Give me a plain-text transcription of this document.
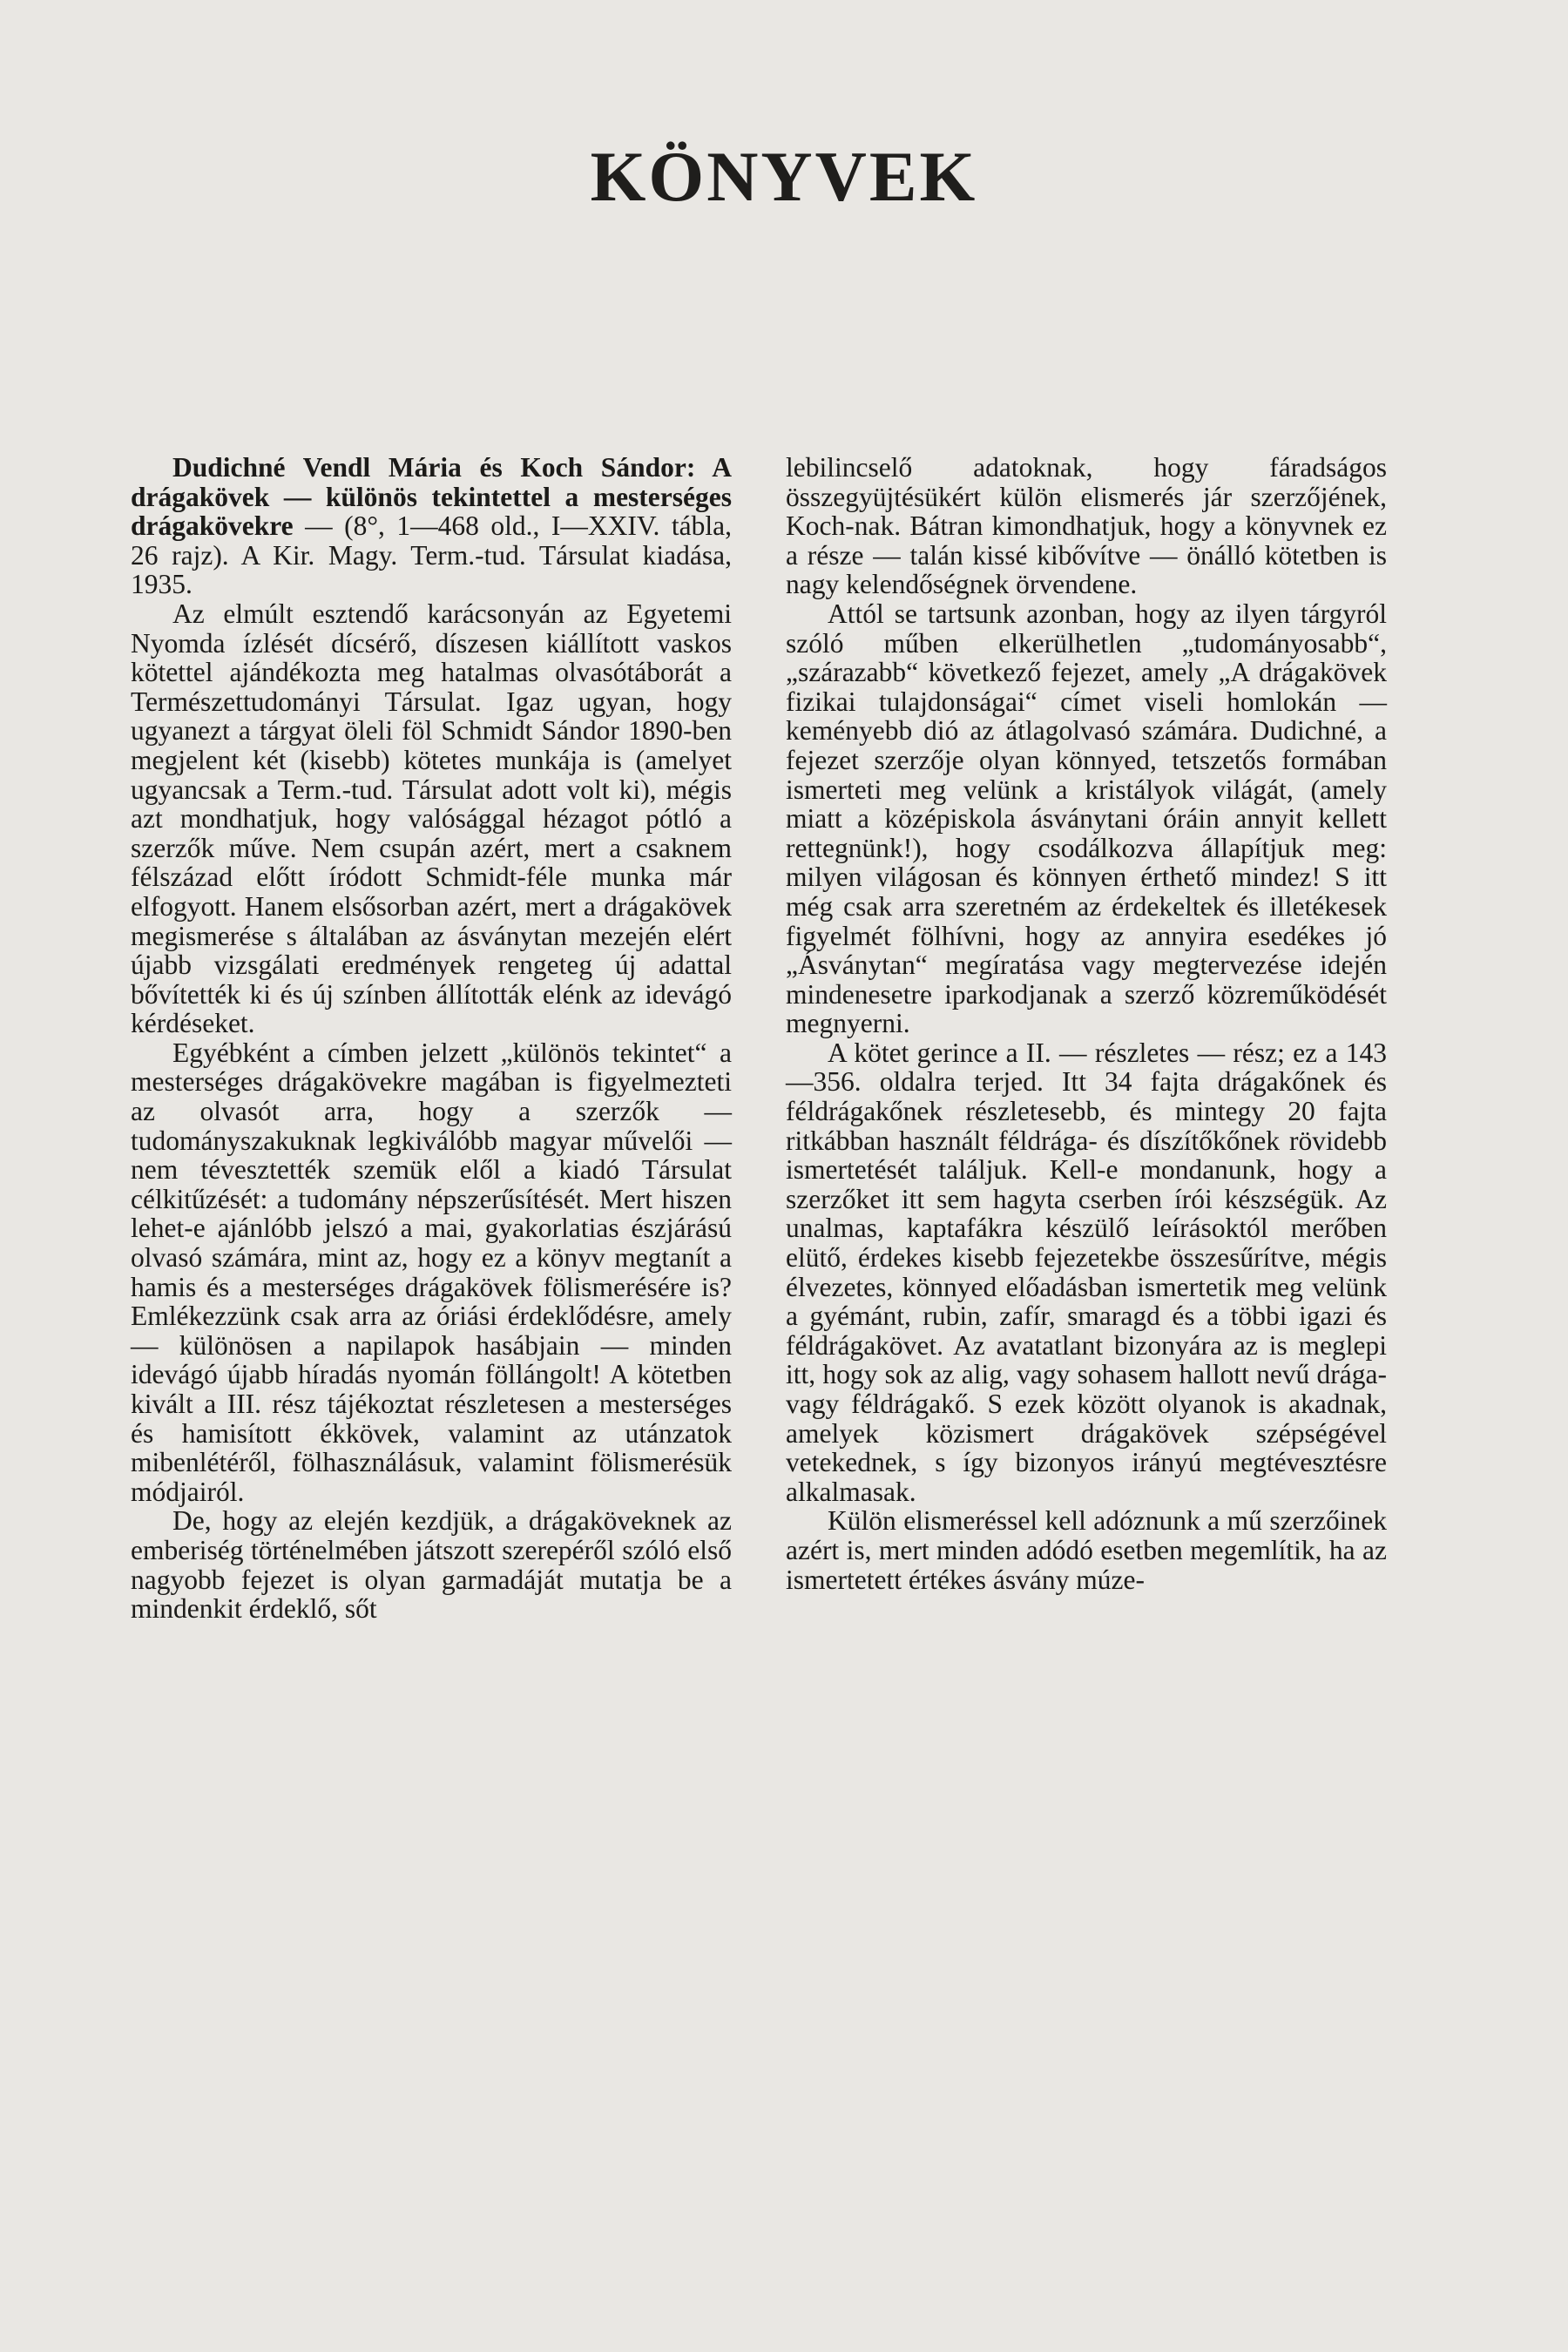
KÖNYVEK

Dudichné Vendl Mária és Koch Sándor: A drágakövek — különös tekintettel a mesterséges drágakövekre — (8°, 1—468 old., I—XXIV. tábla, 26 rajz). A Kir. Magy. Term.-tud. Társulat kiadása, 1935.

Az elmúlt esztendő karácsonyán az Egyetemi Nyomda ízlését dícsérő, díszesen kiállított vaskos kötettel ajándékozta meg hatalmas olvasótáborát a Természettudományi Társulat. Igaz ugyan, hogy ugyanezt a tárgyat öleli föl Schmidt Sándor 1890-ben megjelent két (kisebb) kötetes munkája is (amelyet ugyancsak a Term.-tud. Társulat adott volt ki), mégis azt mondhatjuk, hogy valósággal hézagot pótló a szerzők műve. Nem csupán azért, mert a csaknem félszázad előtt íródott Schmidt-féle munka már elfogyott. Hanem elsősorban azért, mert a drágakövek megismerése s általában az ásványtan mezején elért újabb vizsgálati eredmények rengeteg új adattal bővítették ki és új színben állították elénk az idevágó kérdéseket.

Egyébként a címben jelzett „különös tekintet“ a mesterséges drágakövekre magában is figyelmezteti az olvasót arra, hogy a szerzők — tudományszakuknak legkiválóbb magyar művelői — nem tévesztették szemük elől a kiadó Társulat célkitűzését: a tudomány népszerűsítését. Mert hiszen lehet-e ajánlóbb jelszó a mai, gyakorlatias észjárású olvasó számára, mint az, hogy ez a könyv megtanít a hamis és a mesterséges drágakövek fölismerésére is? Emlékezzünk csak arra az óriási érdeklődésre, amely — különösen a napilapok hasábjain — minden idevágó újabb híradás nyomán föllángolt! A kötetben kivált a III. rész tájékoztat részletesen a mesterséges és hamisított ékkövek, valamint az utánzatok mibenlétéről, fölhasználásuk, valamint fölismerésük módjairól.

De, hogy az elején kezdjük, a drágaköveknek az emberiség történelmében játszott szerepéről szóló első nagyobb fejezet is olyan garmadáját mutatja be a mindenkit érdeklő, sőt

lebilincselő adatoknak, hogy fáradságos összegyüjtésükért külön elismerés jár szerzőjének, Koch-nak. Bátran kimondhatjuk, hogy a könyvnek ez a része — talán kissé kibővítve — önálló kötetben is nagy kelendőségnek örvendene.

Attól se tartsunk azonban, hogy az ilyen tárgyról szóló műben elkerülhetlen „tudományosabb“, „szárazabb“ következő fejezet, amely „A drágakövek fizikai tulajdonságai“ címet viseli homlokán — keményebb dió az átlagolvasó számára. Dudichné, a fejezet szerzője olyan könnyed, tetszetős formában ismerteti meg velünk a kristályok világát, (amely miatt a középiskola ásványtani óráin annyit kellett rettegnünk!), hogy csodálkozva állapítjuk meg: milyen világosan és könnyen érthető mindez! S itt még csak arra szeretném az érdekeltek és illetékesek figyelmét fölhívni, hogy az annyira esedékes jó „Ásványtan“ megíratása vagy megtervezése idején mindenesetre iparkodjanak a szerző közreműködését megnyerni.

A kötet gerince a II. — részletes — rész; ez a 143—356. oldalra terjed. Itt 34 fajta drágakőnek és féldrágakőnek részletesebb, és mintegy 20 fajta ritkábban használt féldrága- és díszítőkőnek rövidebb ismertetését találjuk. Kell-e mondanunk, hogy a szerzőket itt sem hagyta cserben írói készségük. Az unalmas, kaptafákra készülő leírásoktól merőben elütő, érdekes kisebb fejezetekbe összesűrítve, mégis élvezetes, könnyed előadásban ismertetik meg velünk a gyémánt, rubin, zafír, smaragd és a többi igazi és féldrágakövet. Az avatatlant bizonyára az is meglepi itt, hogy sok az alig, vagy sohasem hallott nevű drága- vagy féldrágakő. S ezek között olyanok is akadnak, amelyek közismert drágakövek szépségével vetekednek, s így bizonyos irányú megtévesztésre alkalmasak.

Külön elismeréssel kell adóznunk a mű szerzőinek azért is, mert minden adódó esetben megemlítik, ha az ismertetett értékes ásvány múze-
